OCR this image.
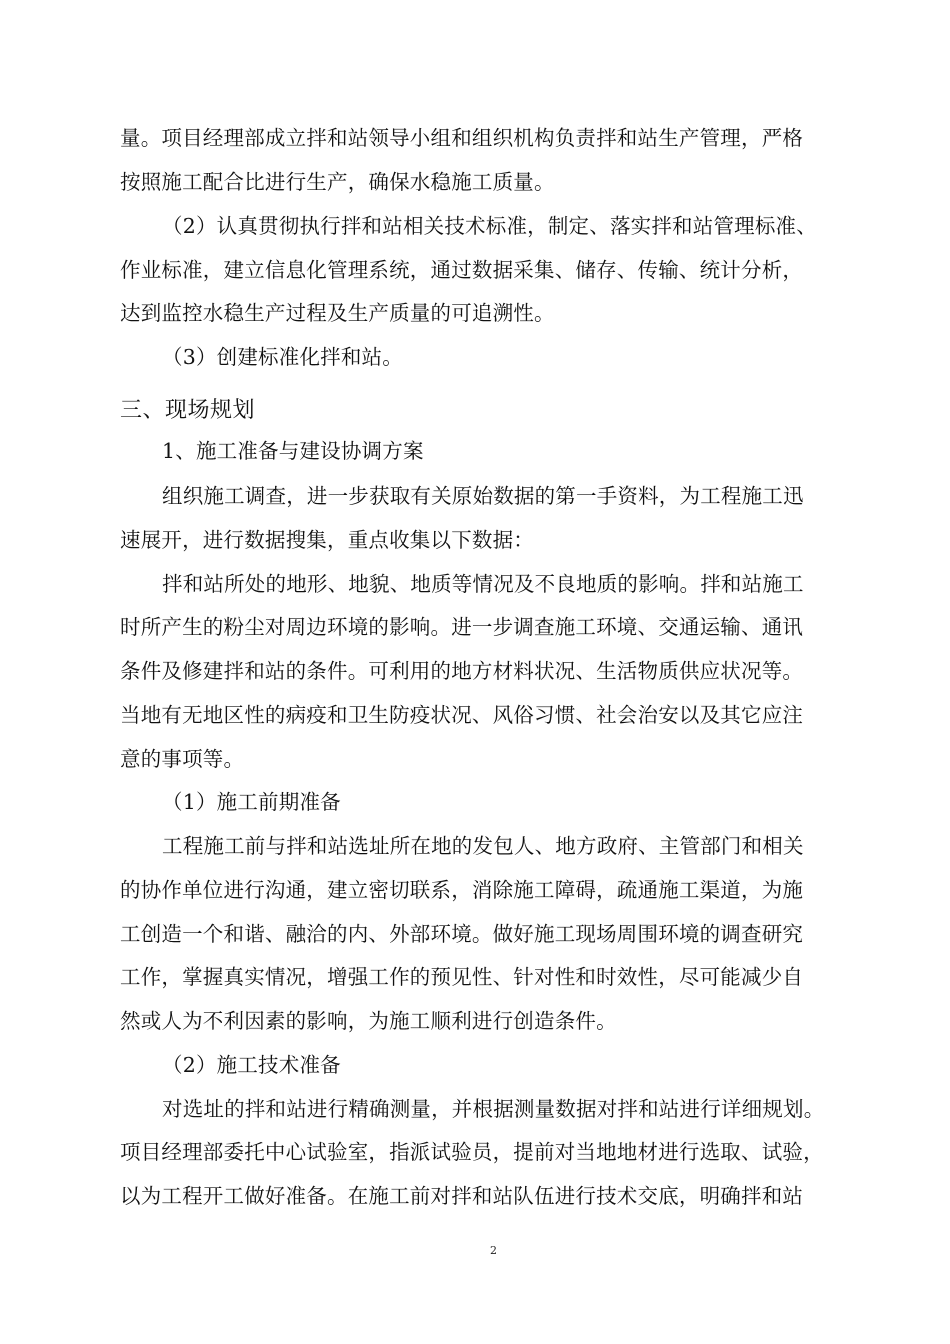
量。项目经理部成立拌和站领导小组和组织机构负责拌和站生产管理，严格
按照施工配合比进行生产，确保水稳施工质量。
（2）认真贯彻执行拌和站相关技术标准，制定、落实拌和站管理标准、
作业标准，建立信息化管理系统，通过数据采集、储存、传输、统计分析，
达到监控水稳生产过程及生产质量的可追溯性。
（3）创建标准化拌和站。
三、现场规划
1、施工准备与建设协调方案
组织施工调查，进一步获取有关原始数据的第一手资料，为工程施工迅
速展开，进行数据搜集，重点收集以下数据：
拌和站所处的地形、地貌、地质等情况及不良地质的影响。拌和站施工
时所产生的粉尘对周边环境的影响。进一步调查施工环境、交通运输、通讯
条件及修建拌和站的条件。可利用的地方材料状况、生活物质供应状况等。
当地有无地区性的病疫和卫生防疫状况、风俗习惯、社会治安以及其它应注
意的事项等。
（1）施工前期准备
工程施工前与拌和站选址所在地的发包人、地方政府、主管部门和相关
的协作单位进行沟通，建立密切联系，消除施工障碍，疏通施工渠道，为施
工创造一个和谐、融洽的内、外部环境。做好施工现场周围环境的调查研究
工作，掌握真实情况，增强工作的预见性、针对性和时效性，尽可能减少自
然或人为不利因素的影响，为施工顺利进行创造条件。
（2）施工技术准备
对选址的拌和站进行精确测量，并根据测量数据对拌和站进行详细规划。
项目经理部委托中心试验室，指派试验员，提前对当地地材进行选取、试验，
以为工程开工做好准备。在施工前对拌和站队伍进行技术交底，明确拌和站
2
